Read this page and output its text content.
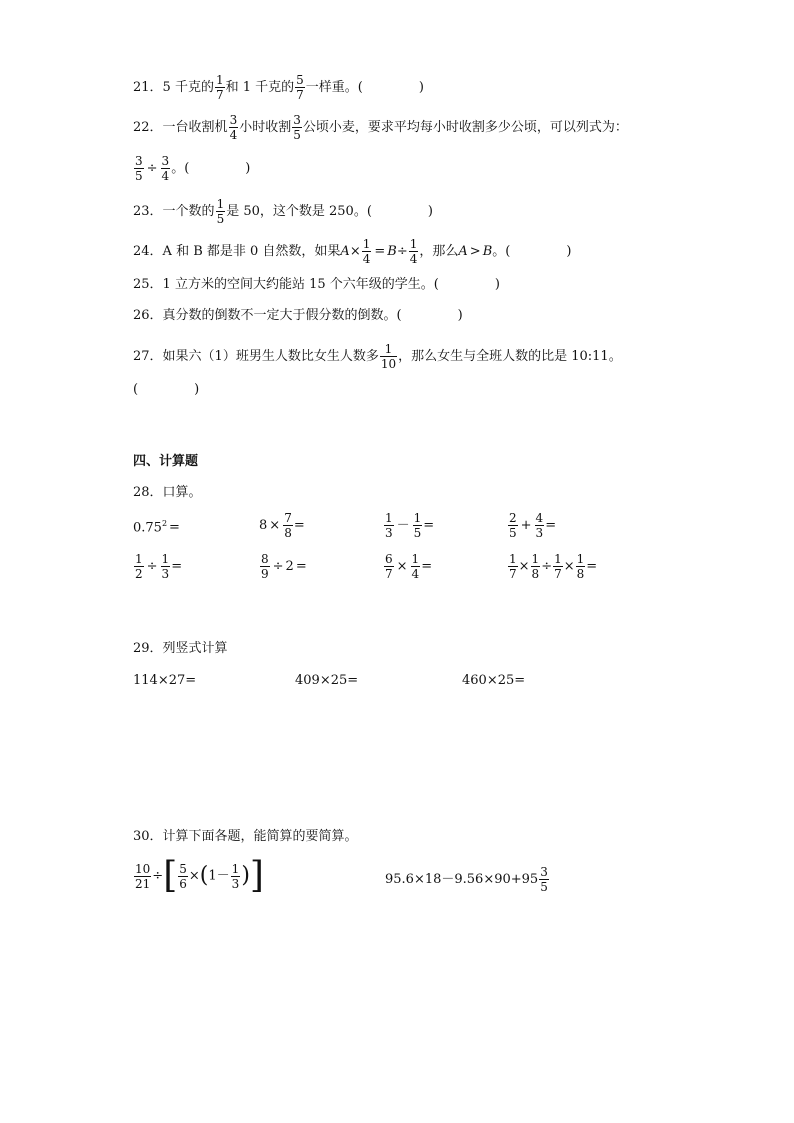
21．5 千克的 $\frac{1}{7}$ 和 1 千克的 $\frac{5}{7}$ 一样重。(	)
22．一台收割机 $\frac{3}{4}$ 小时收割 $\frac{3}{5}$ 公顷小麦，要求平均每小时收割多少公顷，可以列式为：
$\frac{3}{5} \div \frac{3}{4}$ 。(	)
23．一个数的 $\frac{1}{5}$ 是 50，这个数是 250。(	)
24．A 和 B 都是非 0 自然数，如果$A\times \frac{1}{4} = B\div \frac{1}{4}$ ，那么A > B。(	)
25．1 立方米的空间大约能站 15 个六年级的学生。(	)
26．真分数的倒数不一定大于假分数的倒数。(	)
27．如果六（1）班男生人数比女生人数多 $\frac{1}{10}$ ，那么女生与全班人数的比是 10:11。
(	)
四、计算题
28．口算。
$0.75^2$ =	$8 \times \frac{7}{8}$ =	$\frac{1}{3} - \frac{1}{5}$ =	$\frac{2}{5} + \frac{4}{3}$ =
$\frac{1}{2} \div \frac{1}{3}$ =	$\frac{8}{9} \div 2$ =	$\frac{6}{7} \times \frac{1}{4}$ =	$\frac{1}{7} \times \frac{1}{8} \div \frac{1}{7} \times \frac{1}{8}$ =
29．列竖式计算
114×27=	409×25=	460×25=
30．计算下面各题，能简算的要简算。
$\frac{10}{21}$ ÷[ $\frac{5}{6} \times(1- \frac{1}{3}$ )]	$95.6\times 18-9.56\times 90+95 \frac{3}{5}$
